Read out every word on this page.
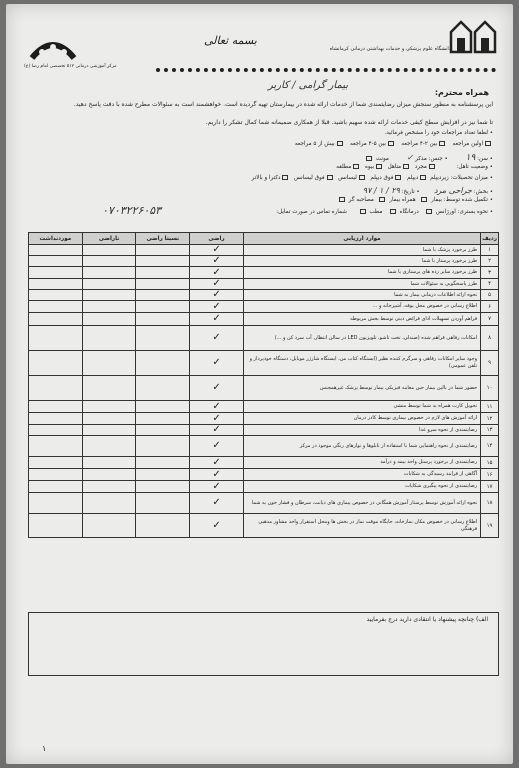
دانشگاه علوم پزشکی و خدمات بهداشتی درمانی کرمانشاه
مرکز آموزشی درمانی ۵۱۲ تخصصی امام رضا (ع)
بسمه تعالی
بیمار گرامی / کاربر
همراه محترم:
این پرسشنامه به منظور سنجش میزان رضایتمندی شما از خدمات ارائه شده در بیمارستان تهیه گردیده است. خواهشمند است به سئوالات مطرح شده با دقت پاسخ دهید.
تا شما نیز در افزایش سطح کیفی خدمات ارائه شده سهیم باشید. قبلا از همکاری صمیمانه شما کمال تشکر را داریم.
• لطفا تعداد مراجعات خود را مشخص فرمائید.
اولین مراجعه   بین ۲-۴ مراجعه   بین ۵-۴ مراجعه   بیش از ۵ مراجعه
• سن: ۱۹          • جنس: مذکر ✓          مونث
• وضعیت تاهل:           مجرد  متاهل  بیوه  مطلقه
• میزان تحصیلات: زیردیپلم دیپلم  فوق دیپلم  لیسانس  فوق لیسانس  دکترا و بالاتر
• بخش: جراحی مرد        • تاریخ: ۲۹ / ۱ / ۹۷
• تکمیل شده توسط: بیمار   همراه بیمار   مصاحبه گر
• نحوه بستری: اورژانس    درمانگاه    مطب       شماره تماس در صورت تمایل:
۰۷۰۳۲۲۶۰۵۳
ردیف	موارد ارزیابی	راضی	نسبتا راضی	ناراضی	موردنداشت
۱	طرز برخورد پزشک با شما	✓			
۲	طرز برخورد پرستار با شما	✓			
۳	طرز برخورد سایر رده های پرستاری با شما	✓			
۴	طرز پاسخگویی به سئوالات شما	✓			
۵	نحوه ارائه اطلاعات درمانی بیمار به شما	✓			
۶	اطلاع رسانی در خصوص محل بوفه، آشپزخانه و ...	✓			
۷	فراهم آوردن تسهیلات ادای فرائض دینی توسط بخش مربوطه	✓			
۸	امکانات رفاهی فراهم شده (صندلی، تخت تاشو، تلویزیون LED در سالن انتظار، آب سرد کن و ...)	✓			
۹	وجود سایر امکانات رفاهی و سرگرم کننده نظیر (ایستگاه کتاب من، ایستگاه شارژر موبایل، دستگاه خودپرداز و تلفن عمومی)	✓			
۱۰	حضور شما در بالین بیمار حین معاینه فیزیکی بیمار توسط پزشک غیرهمجنس	✓			
۱۱	تحویل کارت همراه به شما توسط منشی	✓			
۱۲	ارائه آموزش های لازم در خصوص بیماری توسط کادر درمان	✓			
۱۳	رضایتمندی از نحوه سرو غذا	✓			
۱۴	رضایتمندی از نحوه راهنمایی شما با استفاده از تابلوها و نوارهای رنگی موجود در مرکز	✓			
۱۵	رضایتمندی از برخورد پرسنل واحد بیمه و درآمد	✓			
۱۶	آگاهی از فرایند رسیدگی به شکایات	✓			
۱۷	رضایتمندی از نحوه پیگیری شکایات	✓			
۱۸	نحوه ارائه آموزش توسط پرستار آموزش همگانی در خصوص بیماری های دیابت، سرطان و فشار خون به شما	✓			
۱۹	اطلاع رسانی در خصوص مکان نمازخانه، جایگاه موقت نماز در بخش ها ومحل استقرار واحد مشاور مذهبی فرهنگی	✓			
الف) چنانچه پیشنهاد یا انتقادی دارید درج بفرمایید
۱
